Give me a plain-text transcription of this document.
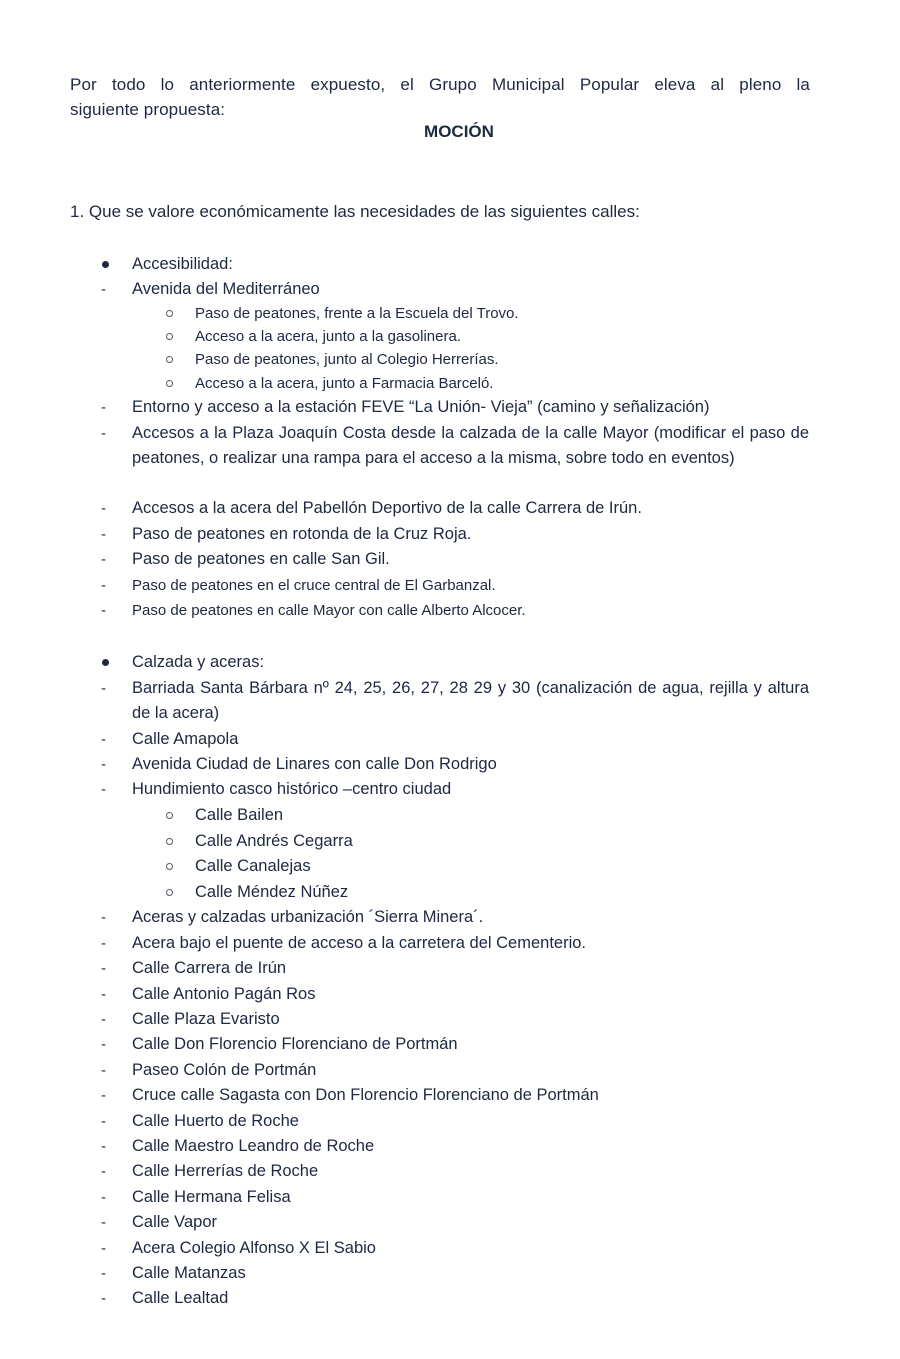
Por todo lo anteriormente expuesto, el Grupo Municipal Popular eleva al pleno la
siguiente propuesta:
MOCIÓN
1. Que se valore económicamente las necesidades de las siguientes calles:
Accesibilidad:
- Avenida del Mediterráneo
Paso de peatones, frente a la Escuela del Trovo.
Acceso a la acera, junto a la gasolinera.
Paso de peatones, junto al Colegio Herrerías.
Acceso a la acera, junto a Farmacia Barceló.
- Entorno y acceso a la estación FEVE “La Unión- Vieja” (camino y señalización)
- Accesos a la Plaza Joaquín Costa desde la calzada de la calle Mayor (modificar el paso de peatones, o realizar una rampa para el acceso a la misma, sobre todo en eventos)
- Accesos a la acera del Pabellón Deportivo de la calle Carrera de Irún.
- Paso de peatones en rotonda de la Cruz Roja.
- Paso de peatones en calle San Gil.
- Paso de peatones en el cruce central de El Garbanzal.
- Paso de peatones en calle Mayor con calle Alberto Alcocer.
Calzada y aceras:
- Barriada Santa Bárbara nº 24, 25, 26, 27, 28 29 y 30 (canalización de agua, rejilla y altura de la acera)
- Calle Amapola
- Avenida Ciudad de Linares con calle Don Rodrigo
- Hundimiento casco histórico –centro ciudad
Calle Bailen
Calle Andrés Cegarra
Calle Canalejas
Calle Méndez Núñez
- Aceras y calzadas urbanización ´Sierra Minera´.
- Acera bajo el puente de acceso a la carretera del Cementerio.
- Calle Carrera de Irún
- Calle Antonio Pagán Ros
- Calle Plaza Evaristo
- Calle Don Florencio Florenciano de Portmán
- Paseo Colón de Portmán
- Cruce calle Sagasta con Don Florencio Florenciano de Portmán
- Calle Huerto de Roche
- Calle Maestro Leandro de Roche
- Calle Herrerías de Roche
- Calle Hermana Felisa
- Calle Vapor
- Acera Colegio Alfonso X El Sabio
- Calle Matanzas
- Calle Lealtad
